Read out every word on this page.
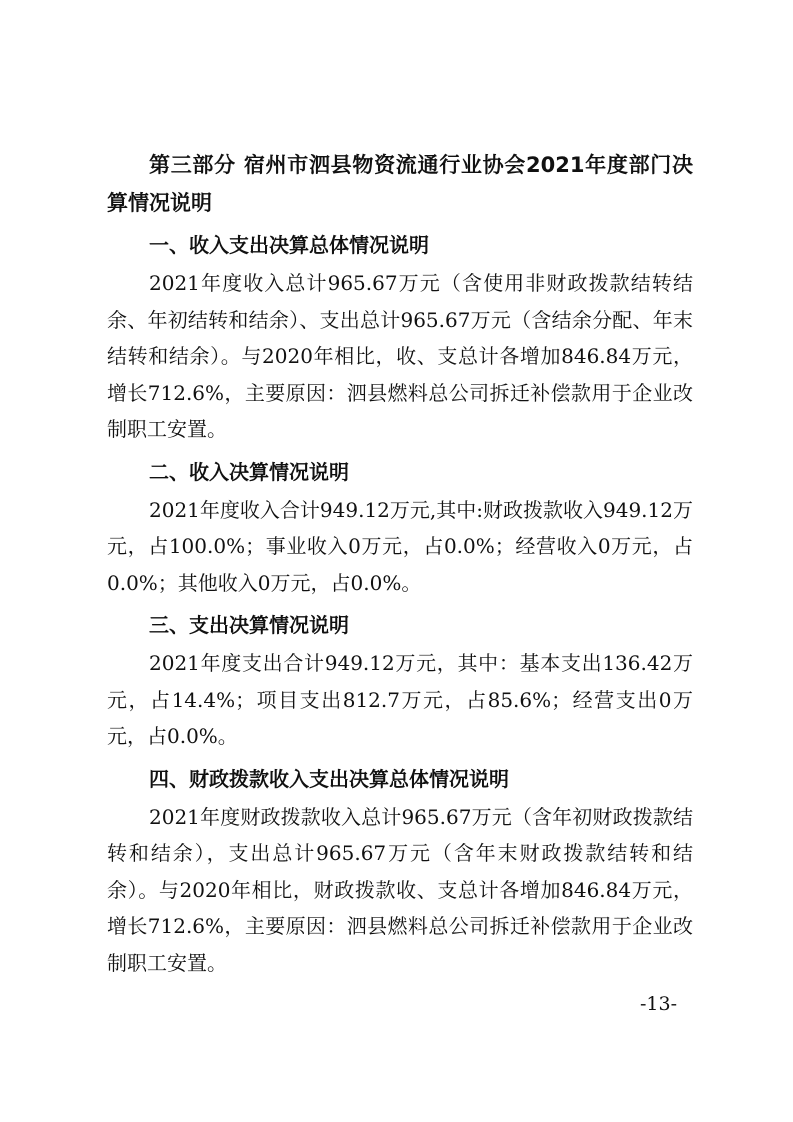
第三部分 宿州市泗县物资流通行业协会2021年度部门决算情况说明
一、收入支出决算总体情况说明
2021年度收入总计965.67万元（含使用非财政拨款结转结余、年初结转和结余）、支出总计965.67万元（含结余分配、年末结转和结余）。与2020年相比，收、支总计各增加846.84万元，增长712.6%，主要原因：泗县燃料总公司拆迁补偿款用于企业改制职工安置。
二、收入决算情况说明
2021年度收入合计949.12万元,其中:财政拨款收入949.12万元，占100.0%；事业收入0万元，占0.0%；经营收入0万元，占0.0%；其他收入0万元，占0.0%。
三、支出决算情况说明
2021年度支出合计949.12万元，其中：基本支出136.42万元，占14.4%；项目支出812.7万元，占85.6%；经营支出0万元，占0.0%。
四、财政拨款收入支出决算总体情况说明
2021年度财政拨款收入总计965.67万元（含年初财政拨款结转和结余），支出总计965.67万元（含年末财政拨款结转和结余）。与2020年相比，财政拨款收、支总计各增加846.84万元，增长712.6%，主要原因：泗县燃料总公司拆迁补偿款用于企业改制职工安置。
-13-
